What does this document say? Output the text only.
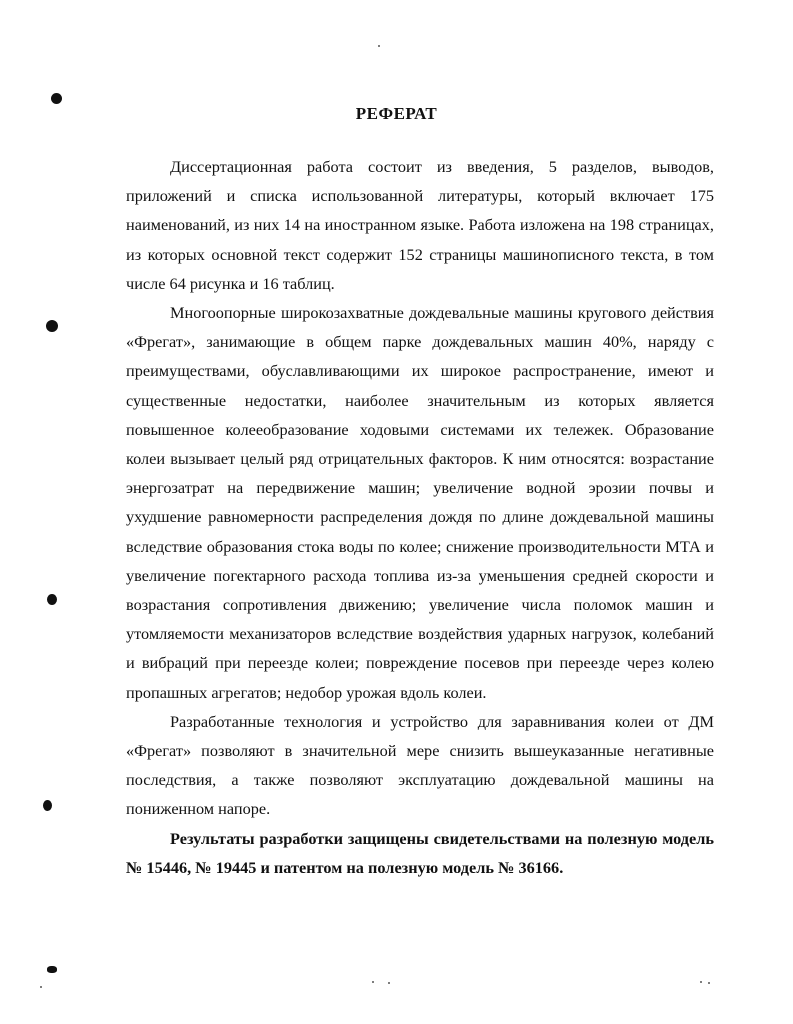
РЕФЕРАТ

Диссертационная работа состоит из введения, 5 разделов, выводов, приложений и списка использованной литературы, который включает 175 наименований, из них 14 на иностранном языке. Работа изложена на 198 страницах, из которых основной текст содержит 152 страницы машинописного текста, в том числе 64 рисунка и 16 таблиц.

Многоопорные широкозахватные дождевальные машины кругового действия «Фрегат», занимающие в общем парке дождевальных машин 40%, наряду с преимуществами, обуславливающими их широкое распространение, имеют и существенные недостатки, наиболее значительным из которых является повышенное колееобразование ходовыми системами их тележек. Образование колеи вызывает целый ряд отрицательных факторов. К ним относятся: возрастание энергозатрат на передвижение машин; увеличение водной эрозии почвы и ухудшение равномерности распределения дождя по длине дождевальной машины вследствие образования стока воды по колее; снижение производительности МТА и увеличение погектарного расхода топлива из-за уменьшения средней скорости и возрастания сопротивления движению; увеличение числа поломок машин и утомляемости механизаторов вследствие воздействия ударных нагрузок, колебаний и вибраций при переезде колеи; повреждение посевов при переезде через колею пропашных агрегатов; недобор урожая вдоль колеи.

Разработанные технология и устройство для заравнивания колеи от ДМ «Фрегат» позволяют в значительной мере снизить вышеуказанные негативные последствия, а также позволяют эксплуатацию дождевальной машины на пониженном напоре.

Результаты разработки защищены свидетельствами на полезную модель № 15446, № 19445 и патентом на полезную модель № 36166.
